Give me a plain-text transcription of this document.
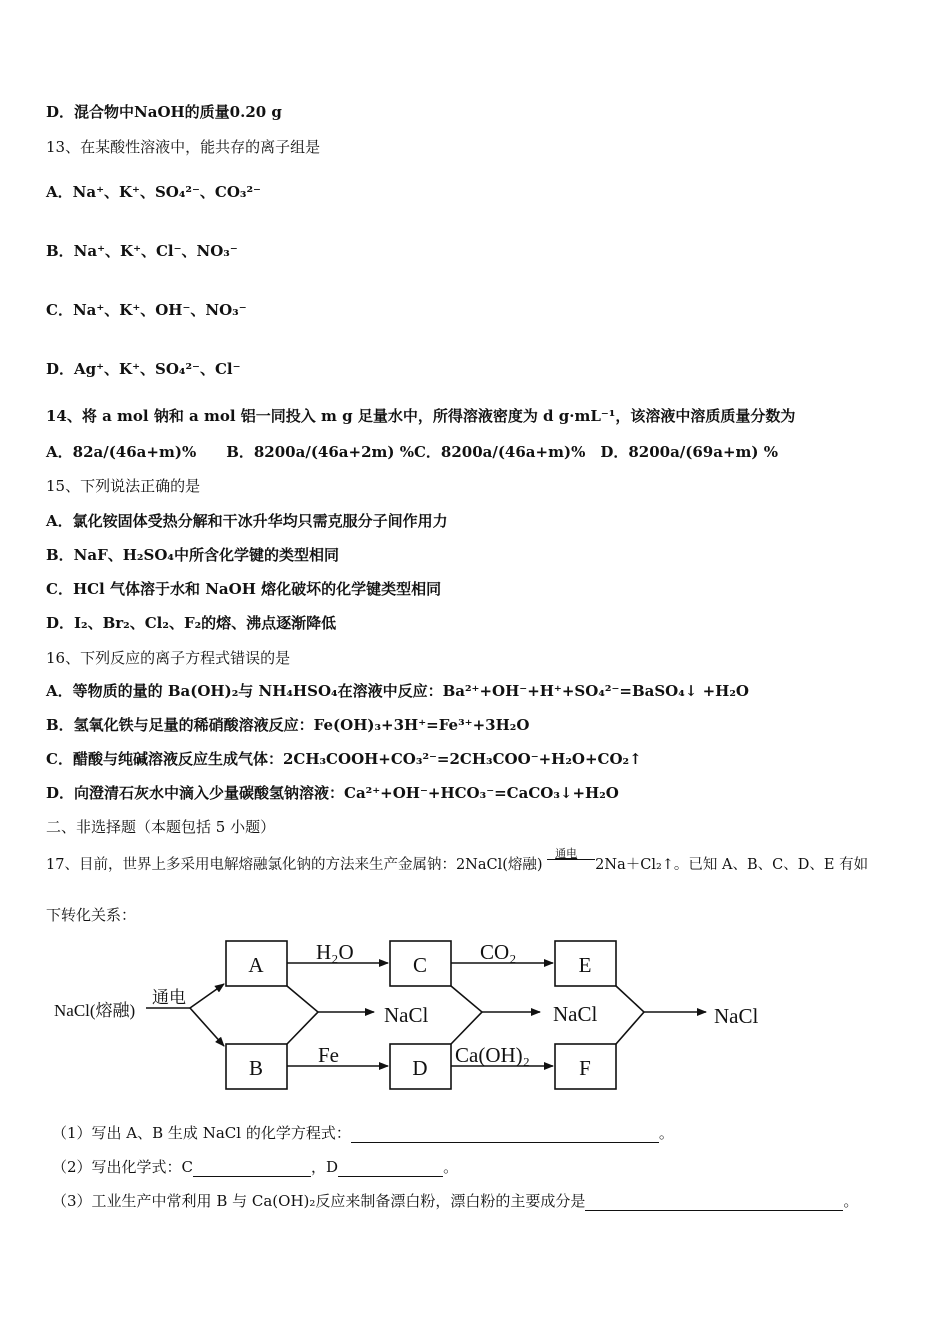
D．混合物中NaOH的质量0.20 g
13、在某酸性溶液中，能共存的离子组是
A．Na⁺、K⁺、SO₄²⁻、CO₃²⁻
B．Na⁺、K⁺、Cl⁻、NO₃⁻
C．Na⁺、K⁺、OH⁻、NO₃⁻
D．Ag⁺、K⁺、SO₄²⁻、Cl⁻
14、将 a mol 钠和 a mol 铝一同投入 m g 足量水中，所得溶液密度为 d g·mL⁻¹，该溶液中溶质质量分数为
A．82a/(46a+m)%　　B．8200a/(46a+2m) %C．8200a/(46a+m)%　D．8200a/(69a+m) %
15、下列说法正确的是
A．氯化铵固体受热分解和干冰升华均只需克服分子间作用力
B．NaF、H₂SO₄中所含化学键的类型相同
C．HCl 气体溶于水和 NaOH 熔化破坏的化学键类型相同
D．I₂、Br₂、Cl₂、F₂的熔、沸点逐渐降低
16、下列反应的离子方程式错误的是
A．等物质的量的 Ba(OH)₂与 NH₄HSO₄在溶液中反应：Ba²⁺+OH⁻+H⁺+SO₄²⁻=BaSO₄↓ +H₂O
B．氢氧化铁与足量的稀硝酸溶液反应：Fe(OH)₃+3H⁺=Fe³⁺+3H₂O
C．醋酸与纯碱溶液反应生成气体：2CH₃COOH+CO₃²⁻=2CH₃COO⁻+H₂O+CO₂↑
D．向澄清石灰水中滴入少量碳酸氢钠溶液：Ca²⁺+OH⁻+HCO₃⁻=CaCO₃↓+H₂O
二、非选择题（本题包括 5 小题）
17、目前，世界上多采用电解熔融氯化钠的方法来生产金属钠：2NaCl(熔融)
通电
2Na＋Cl₂↑。已知 A、B、C、D、E 有如
下转化关系：
NaCl(熔融)
通电
A
B
C
D
E
F
H₂O	CO₂
Fe	Ca(OH)₂
NaCl	NaCl	NaCl
（1）写出 A、B 生成 NaCl 的化学方程式：	。
（2）写出化学式：C	，D	。
（3）工业生产中常利用 B 与 Ca(OH)₂反应来制备漂白粉，漂白粉的主要成分是	。
